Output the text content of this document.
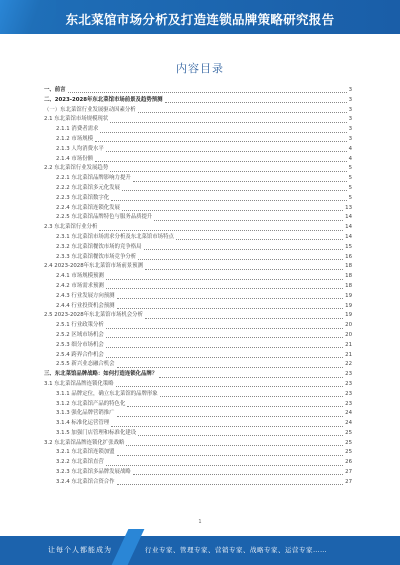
东北菜馆市场分析及打造连锁品牌策略研究报告
内容目录
一、前言	3
二、2023-2028年东北菜馆市场前景及趋势预测	3
（一）东北菜馆行业发展驱动因素分析	3
2.1 东北菜馆市场规模现状	3
2.1.1 消费者需求	3
2.1.2 市场规模	3
2.1.3 人均消费水平	4
2.1.4 市场份额	4
2.2 东北菜馆行业发展趋势	5
2.2.1 东北菜馆品牌影响力提升	5
2.2.2 东北菜馆多元化发展	5
2.2.3 东北菜馆数字化	5
2.2.4 东北菜馆连锁化发展	13
2.2.5 东北菜馆品牌特色与服务品质提升	14
2.3 东北菜馆行业分析	14
2.3.1 东北菜馆市场需求分析及东北菜馆市场特点	14
2.3.2 东北菜馆餐饮市场的竞争格局	15
2.3.3 东北菜馆餐饮市场竞争分析	16
2.4 2023-2028年东北菜馆市场前景预测	18
2.4.1 市场规模预测	18
2.4.2 市场需求预测	18
2.4.3 行业发展方向预测	19
2.4.4 行业投资机会预测	19
2.5 2023-2028年东北菜馆市场机会分析	19
2.5.1 行业政策分析	20
2.5.2 区域市场机会	20
2.5.3 细分市场机会	21
2.5.4 跨界合作机会	21
2.5.5 新兴业态融合机会	22
三、东北菜馆品牌战略：如何打造连锁化品牌？	23
3.1 东北菜馆品牌连锁化策略	23
3.1.1 品牌定位，确立东北菜馆的品牌形象	23
3.1.2 东北菜馆产品的特色化	23
3.1.3 强化品牌营销推广	24
3.1.4 标准化运营管理	24
3.1.5 加强门店管理和标准化建设	25
3.2 东北菜馆品牌连锁化扩张战略	25
3.2.1 东北菜馆连锁加盟	25
3.2.2 东北菜馆直营	26
3.2.3 东北菜馆多品牌发展战略	27
3.2.4 东北菜馆合资合作	27
1
让每个人都能成为	行业专家、管理专家、营销专家、战略专家、运营专家……
